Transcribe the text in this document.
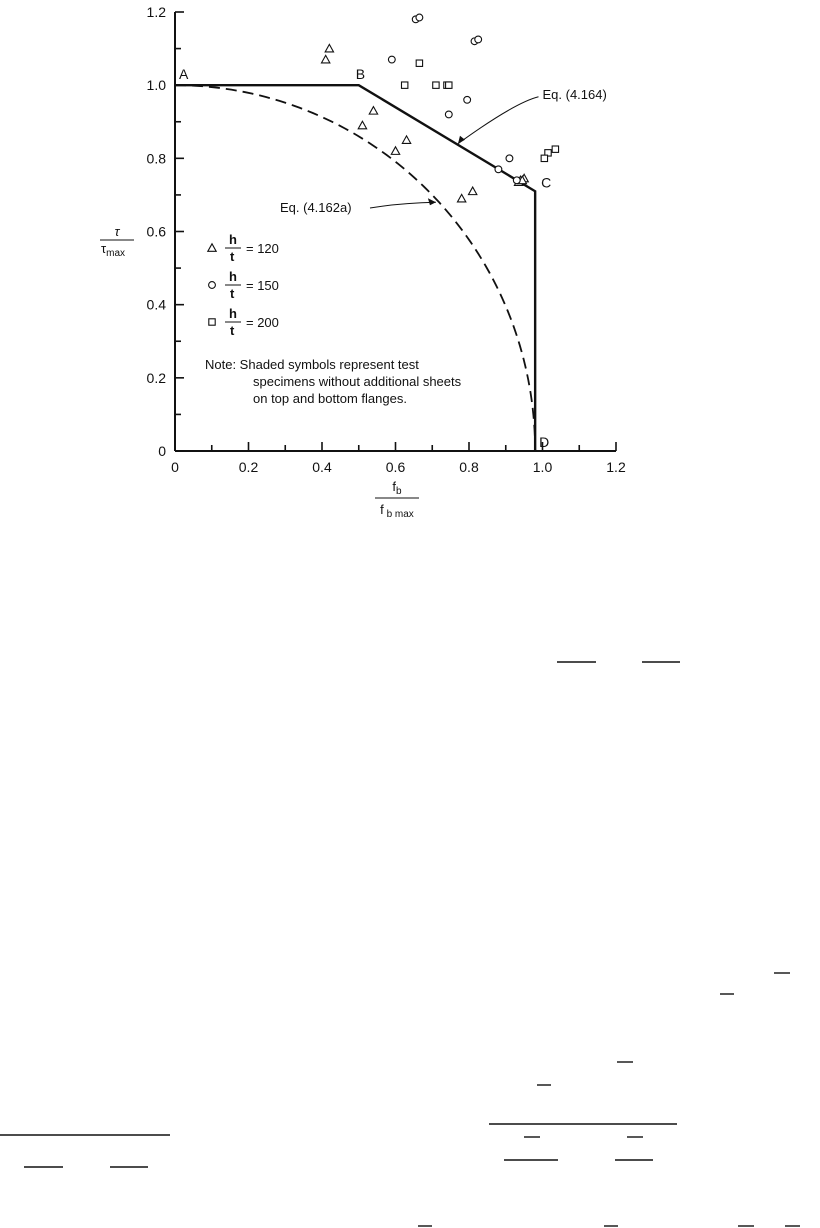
0	0.2	0.4	0.6	0.8	1.0	1.2
0
0.2
0.4
0.6
0.8
1.0
1.2
$f_b$
f $_{b max}$
τ
$\tau_{max}$
A	B
C
D
Eq. (4.164)
Eq. (4.162a)
h
t
= 120
h
t
= 150
h
t
= 200
Note: Shaded symbols represent test
specimens without additional sheets
on top and bottom flanges.
